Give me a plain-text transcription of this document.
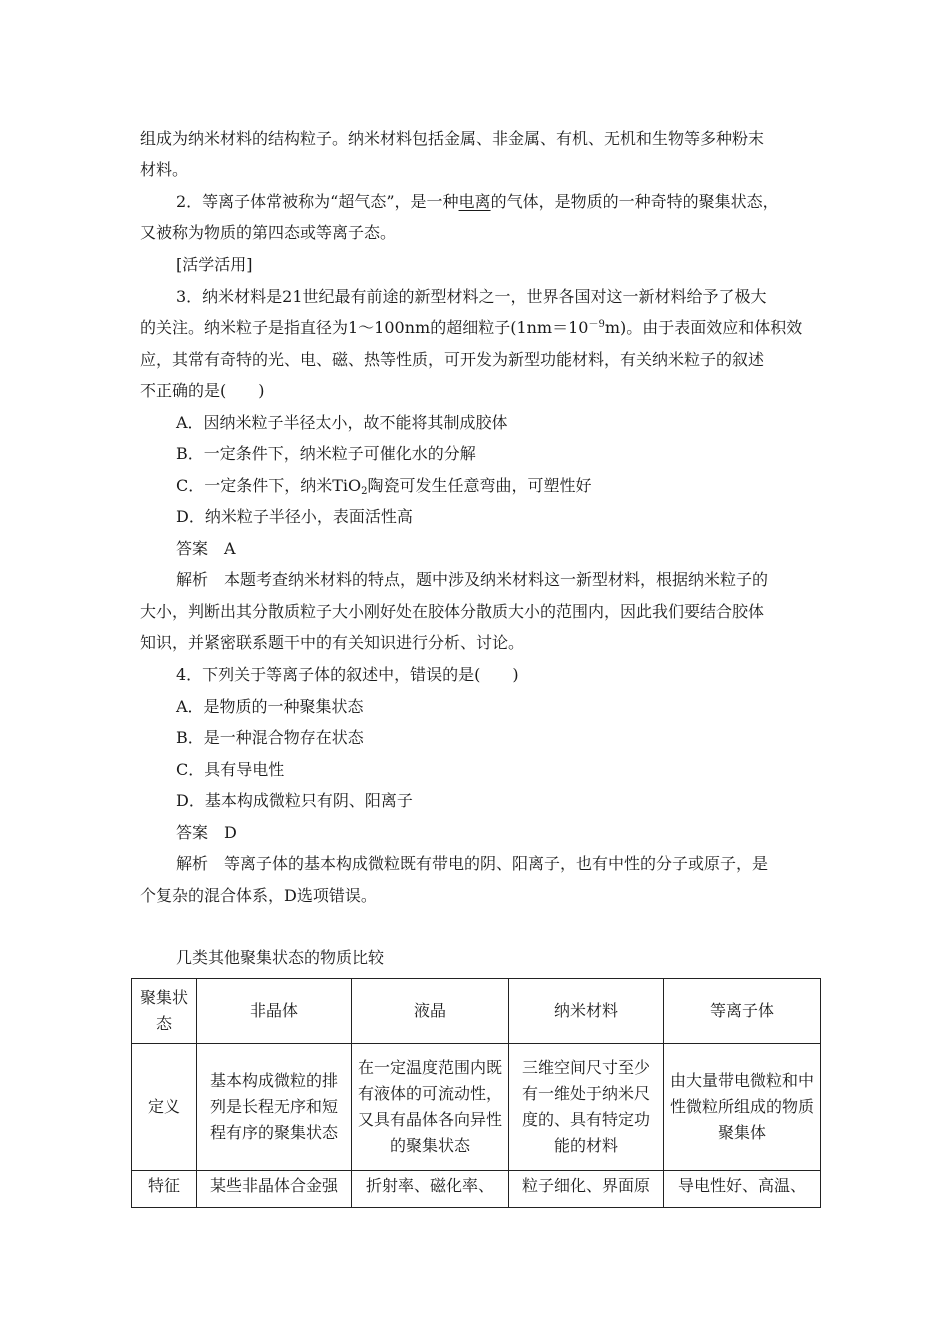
组成为纳米材料的结构粒子。纳米材料包括金属、非金属、有机、无机和生物等多种粉末
材料。
2．等离子体常被称为“超气态”，是一种电离的气体，是物质的一种奇特的聚集状态，
又被称为物质的第四态或等离子态。
[活学活用]
3．纳米材料是21世纪最有前途的新型材料之一，世界各国对这一新材料给予了极大
的关注。纳米粒子是指直径为1～100nm的超细粒子$(1nm=10^{-9}m)$。由于表面效应和体积效
应，其常有奇特的光、电、磁、热等性质，可开发为新型功能材料，有关纳米粒子的叙述
不正确的是(　　)
A．因纳米粒子半径太小，故不能将其制成胶体
B．一定条件下，纳米粒子可催化水的分解
C．一定条件下，纳米TiO$_2$陶瓷可发生任意弯曲，可塑性好
D．纳米粒子半径小，表面活性高
答案　A
解析　本题考查纳米材料的特点，题中涉及纳米材料这一新型材料，根据纳米粒子的
大小，判断出其分散质粒子大小刚好处在胶体分散质大小的范围内，因此我们要结合胶体
知识，并紧密联系题干中的有关知识进行分析、讨论。
4．下列关于等离子体的叙述中，错误的是(　　)
A．是物质的一种聚集状态
B．是一种混合物存在状态
C．具有导电性
D．基本构成微粒只有阴、阳离子
答案　D
解析　等离子体的基本构成微粒既有带电的阴、阳离子，也有中性的分子或原子，是
个复杂的混合体系，D选项错误。
几类其他聚集状态的物质比较
聚集状态	非晶体	液晶	纳米材料	等离子体
定义	基本构成微粒的排列是长程无序和短程有序的聚集状态	在一定温度范围内既有液体的可流动性，又具有晶体各向异性的聚集状态	三维空间尺寸至少有一维处于纳米尺度的、具有特定功能的材料	由大量带电微粒和中性微粒所组成的物质聚集体
特征	某些非晶体合金强	折射率、磁化率、	粒子细化、界面原	导电性好、高温、
